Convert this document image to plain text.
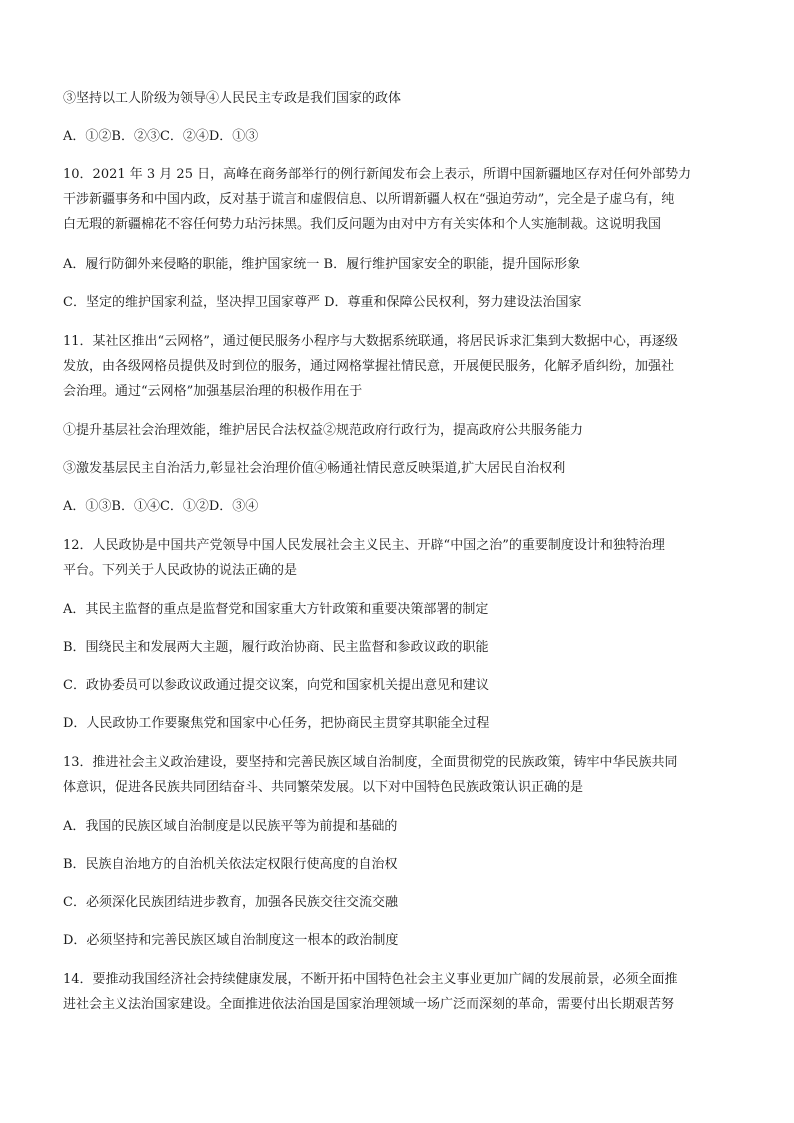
③坚持以工人阶级为领导④人民民主专政是我们国家的政体
A．①②B．②③C．②④D．①③
10．2021 年 3 月 25 日，高峰在商务部举行的例行新闻发布会上表示，所谓中国新疆地区存对任何外部势力
干涉新疆事务和中国内政，反对基于谎言和虚假信息、以所谓新疆人权在“强迫劳动”，完全是子虚乌有，纯
白无瑕的新疆棉花不容任何势力玷污抹黑。我们反问题为由对中方有关实体和个人实施制裁。这说明我国
A．履行防御外来侵略的职能，维护国家统一 B．履行维护国家安全的职能，提升国际形象
C．坚定的维护国家利益，坚决捍卫国家尊严 D．尊重和保障公民权利，努力建设法治国家
11．某社区推出“云网格”，通过便民服务小程序与大数据系统联通，将居民诉求汇集到大数据中心，再逐级
发放，由各级网格员提供及时到位的服务，通过网格掌握社情民意，开展便民服务，化解矛盾纠纷，加强社
会治理。通过“云网格”加强基层治理的积极作用在于
①提升基层社会治理效能，维护居民合法权益②规范政府行政行为，提高政府公共服务能力
③激发基层民主自治活力,彰显社会治理价值④畅通社情民意反映渠道,扩大居民自治权利
A．①③B．①④C．①②D．③④
12．人民政协是中国共产党领导中国人民发展社会主义民主、开辟“中国之治”的重要制度设计和独特治理
平台。下列关于人民政协的说法正确的是
A．其民主监督的重点是监督党和国家重大方针政策和重要决策部署的制定
B．围绕民主和发展两大主题，履行政治协商、民主监督和参政议政的职能
C．政协委员可以参政议政通过提交议案，向党和国家机关提出意见和建议
D．人民政协工作要聚焦党和国家中心任务，把协商民主贯穿其职能全过程
13．推进社会主义政治建设，要坚持和完善民族区域自治制度，全面贯彻党的民族政策，铸牢中华民族共同
体意识，促进各民族共同团结奋斗、共同繁荣发展。以下对中国特色民族政策认识正确的是
A．我国的民族区域自治制度是以民族平等为前提和基础的
B．民族自治地方的自治机关依法定权限行使高度的自治权
C．必须深化民族团结进步教育，加强各民族交往交流交融
D．必须坚持和完善民族区域自治制度这一根本的政治制度
14．要推动我国经济社会持续健康发展，不断开拓中国特色社会主义事业更加广阔的发展前景，必须全面推
进社会主义法治国家建设。全面推进依法治国是国家治理领域一场广泛而深刻的革命，需要付出长期艰苦努
